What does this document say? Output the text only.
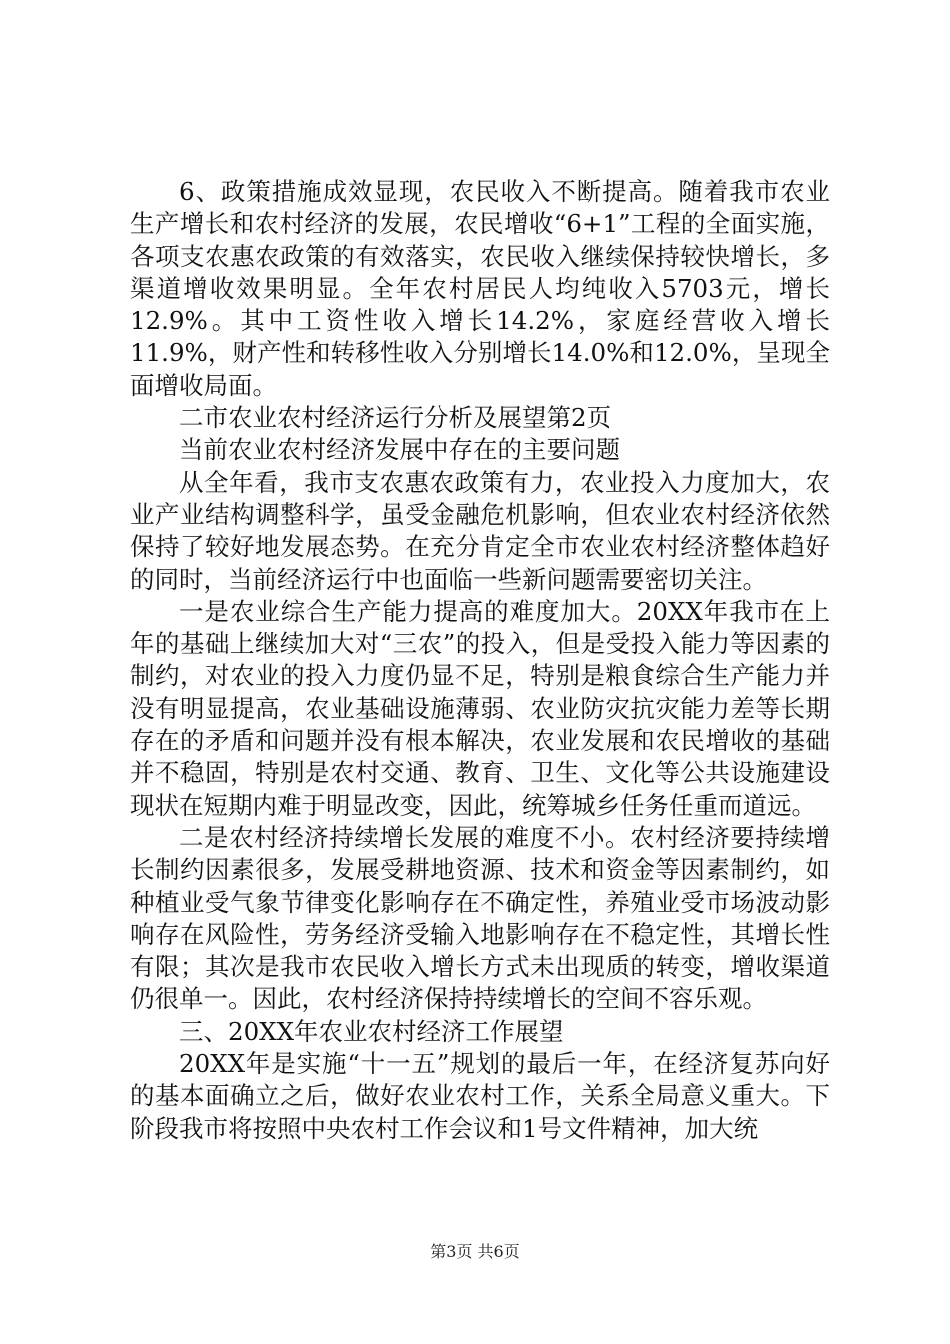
6、政策措施成效显现，农民收入不断提高。随着我市农业生产增长和农村经济的发展，农民增收“6+1”工程的全面实施，各项支农惠农政策的有效落实，农民收入继续保持较快增长，多渠道增收效果明显。全年农村居民人均纯收入5703元，增长12.9%。其中工资性收入增长14.2%，家庭经营收入增长11.9%，财产性和转移性收入分别增长14.0%和12.0%，呈现全面增收局面。

二市农业农村经济运行分析及展望第2页

当前农业农村经济发展中存在的主要问题

从全年看，我市支农惠农政策有力，农业投入力度加大，农业产业结构调整科学，虽受金融危机影响，但农业农村经济依然保持了较好地发展态势。在充分肯定全市农业农村经济整体趋好的同时，当前经济运行中也面临一些新问题需要密切关注。

一是农业综合生产能力提高的难度加大。20XX年我市在上年的基础上继续加大对“三农”的投入，但是受投入能力等因素的制约，对农业的投入力度仍显不足，特别是粮食综合生产能力并没有明显提高，农业基础设施薄弱、农业防灾抗灾能力差等长期存在的矛盾和问题并没有根本解决，农业发展和农民增收的基础并不稳固，特别是农村交通、教育、卫生、文化等公共设施建设现状在短期内难于明显改变，因此，统筹城乡任务任重而道远。

二是农村经济持续增长发展的难度不小。农村经济要持续增长制约因素很多，发展受耕地资源、技术和资金等因素制约，如种植业受气象节律变化影响存在不确定性，养殖业受市场波动影响存在风险性，劳务经济受输入地影响存在不稳定性，其增长性有限；其次是我市农民收入增长方式未出现质的转变，增收渠道仍很单一。因此，农村经济保持持续增长的空间不容乐观。

三、20XX年农业农村经济工作展望

20XX年是实施“十一五”规划的最后一年，在经济复苏向好的基本面确立之后，做好农业农村工作，关系全局意义重大。下阶段我市将按照中央农村工作会议和1号文件精神，加大统

第3页 共6页
